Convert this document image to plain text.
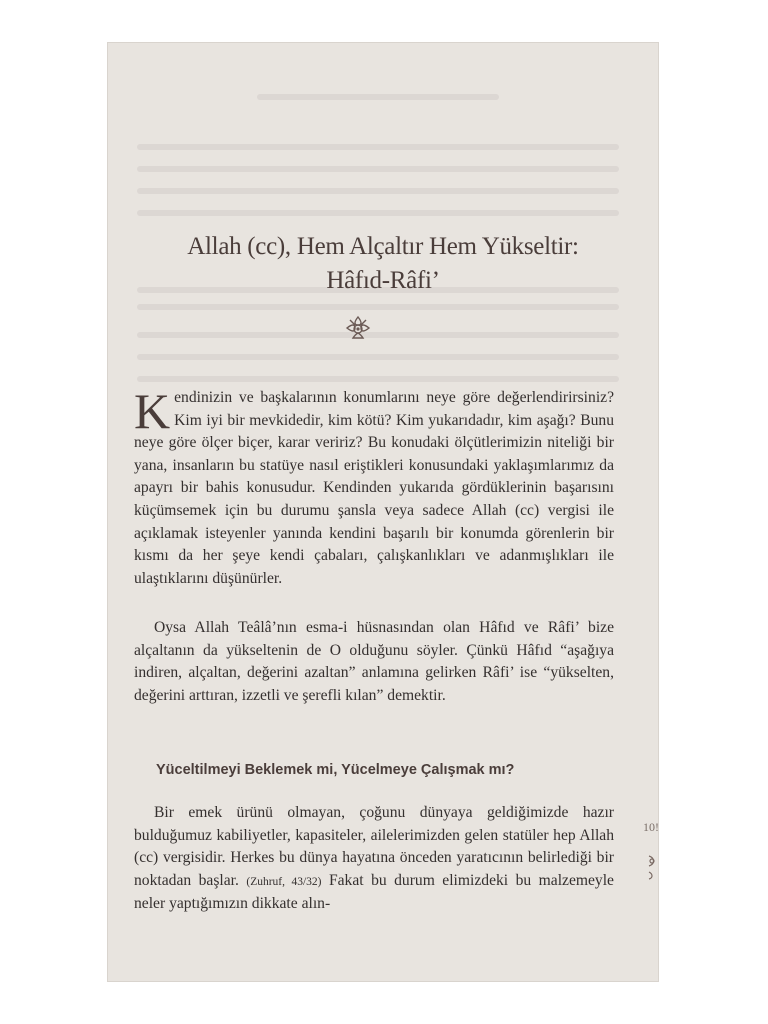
Allah (cc), Hem Alçaltır Hem Yükseltir:
Hâfıd-Râfi’

Kendinizin ve başkalarının konumlarını neye göre değerlendirirsiniz? Kim iyi bir mevkidedir, kim kötü? Kim yukarıdadır, kim aşağı? Bunu neye göre ölçer biçer, karar veririz? Bu konudaki ölçütlerimizin niteliği bir yana, insanların bu statüye nasıl eriştikleri konusundaki yaklaşımlarımız da apayrı bir bahis konusudur. Kendinden yukarıda gördüklerinin başarısını küçümsemek için bu durumu şansla veya sadece Allah (cc) vergisi ile açıklamak isteyenler yanında kendini başarılı bir konumda görenlerin bir kısmı da her şeye kendi çabaları, çalışkanlıkları ve adanmışlıkları ile ulaştıklarını düşünürler.

Oysa Allah Teâlâ’nın esma-i hüsnasından olan Hâfıd ve Râfi’ bize alçaltanın da yükseltenin de O olduğunu söyler. Çünkü Hâfıd “aşağıya indiren, alçaltan, değerini azaltan” anlamına gelirken Râfi’ ise “yükselten, değerini arttıran, izzetli ve şerefli kılan” demektir.

Yüceltilmeyi Beklemek mi, Yücelmeye Çalışmak mı?

Bir emek ürünü olmayan, çoğunu dünyaya geldiğimizde hazır bulduğumuz kabiliyetler, kapasiteler, ailelerimizden gelen statüler hep Allah (cc) vergisidir. Herkes bu dünya hayatına önceden yaratıcının belirlediği bir noktadan başlar. (Zuhruf, 43/32) Fakat bu durum elimizdeki bu malzemeyle neler yaptığımızın dikkate alın-

10!
